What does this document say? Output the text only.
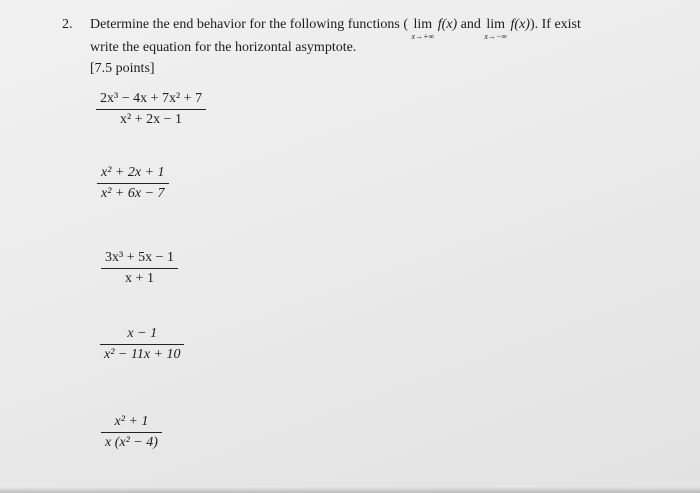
2. Determine the end behavior for the following functions ( lim
x→+∞
f(x) and lim
x→−∞
f(x)). If exist
write the equation for the horizontal asymptote.
[7.5 points]
2x³ − 4x + 7x² + 7
x² + 2x − 1
x² + 2x + 1
x² + 6x − 7
3x³ + 5x − 1
x + 1
x − 1
x² − 11x + 10
x² + 1
x (x² − 4)
